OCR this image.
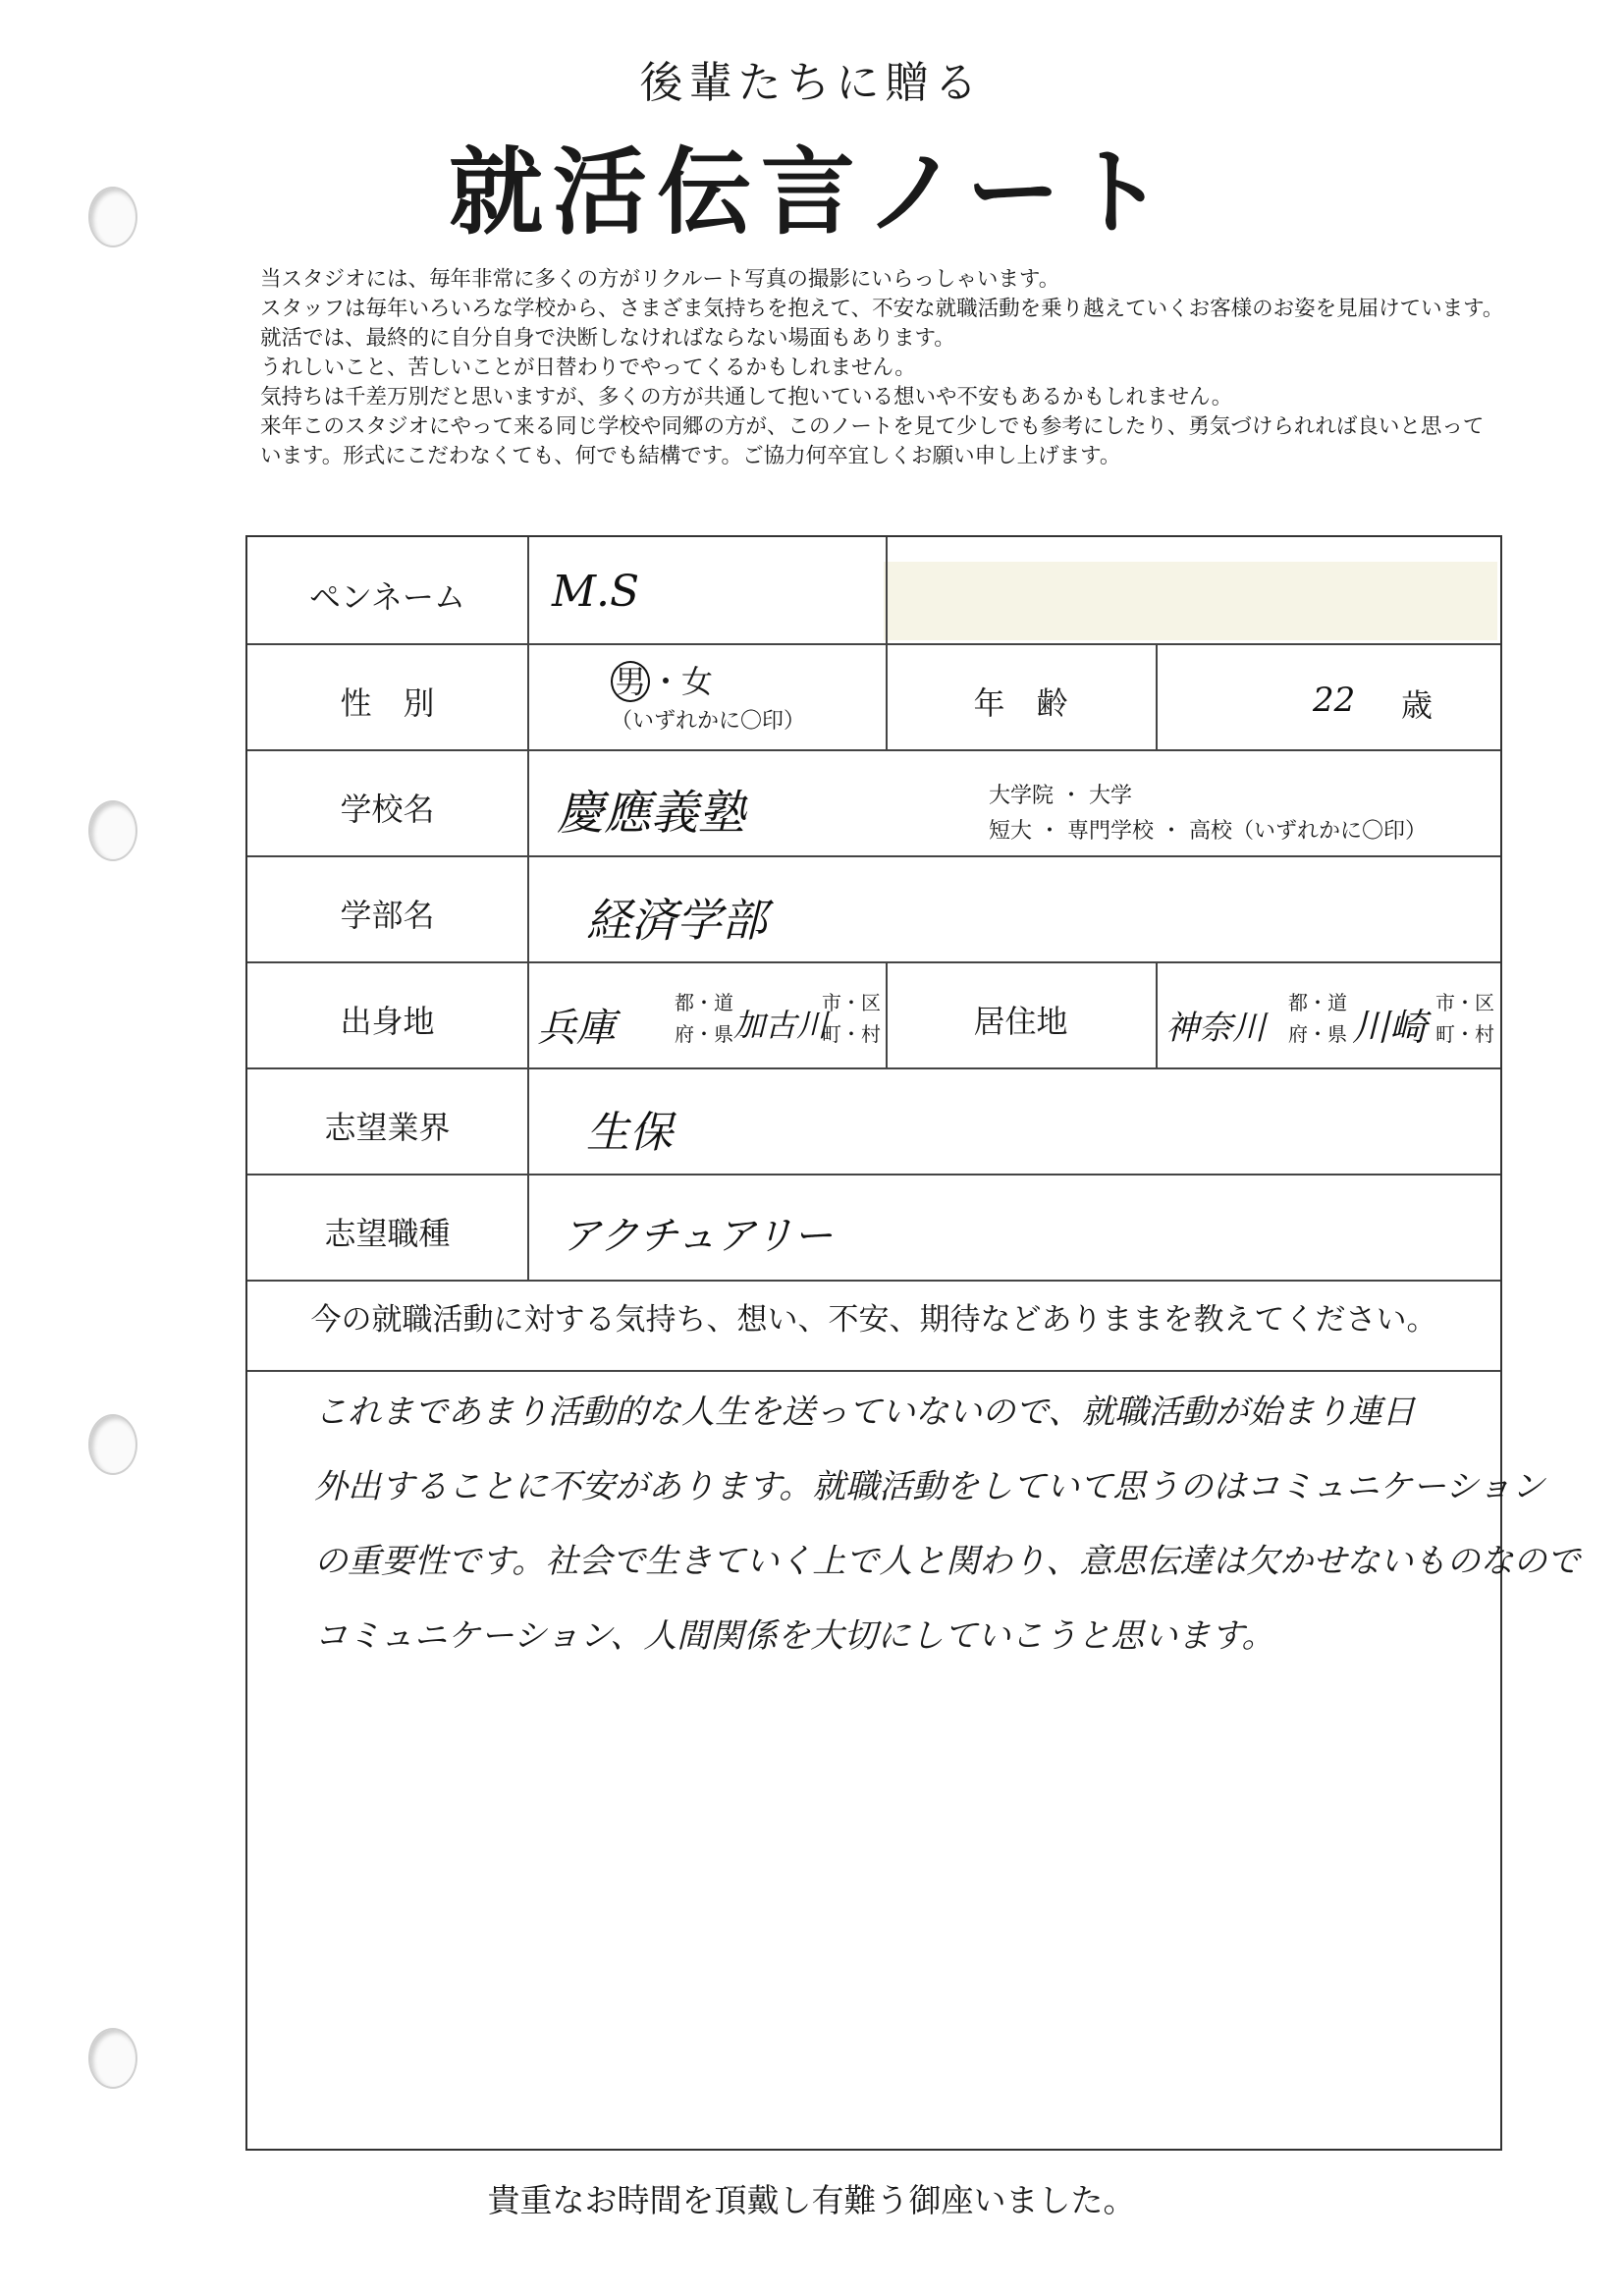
後輩たちに贈る
就活伝言ノート
当スタジオには、毎年非常に多くの方がリクルート写真の撮影にいらっしゃいます。
スタッフは毎年いろいろな学校から、さまざま気持ちを抱えて、不安な就職活動を乗り越えていくお客様のお姿を見届けています。
就活では、最終的に自分自身で決断しなければならない場面もあります。
うれしいこと、苦しいことが日替わりでやってくるかもしれません。
気持ちは千差万別だと思いますが、多くの方が共通して抱いている想いや不安もあるかもしれません。
来年このスタジオにやって来る同じ学校や同郷の方が、このノートを見て少しでも参考にしたり、勇気づけられれば良いと思って
います。形式にこだわなくても、何でも結構です。ご協力何卒宜しくお願い申し上げます。
ペンネーム
性　別
学校名
学部名
出身地
志望業界
志望職種
年　齢
居住地
M.S
男 ・女
（いずれかに〇印）
22 歳
慶應義塾	大学院 ・ 大学
短大 ・ 専門学校 ・ 高校（いずれかに〇印）
経済学部
兵庫
都・道
府・県 加古川
市・区
町・村	神奈川
都・道
府・県 川崎
市・区
町・村
生保
アクチュアリー
今の就職活動に対する気持ち、想い、不安、期待などありままを教えてください。
これまであまり活動的な人生を送っていないので、就職活動が始まり連日
外出することに不安があります。就職活動をしていて思うのはコミュニケーション
の重要性です。社会で生きていく上で人と関わり、意思伝達は欠かせないものなので
コミュニケーション、人間関係を大切にしていこうと思います。
貴重なお時間を頂戴し有難う御座いました。
